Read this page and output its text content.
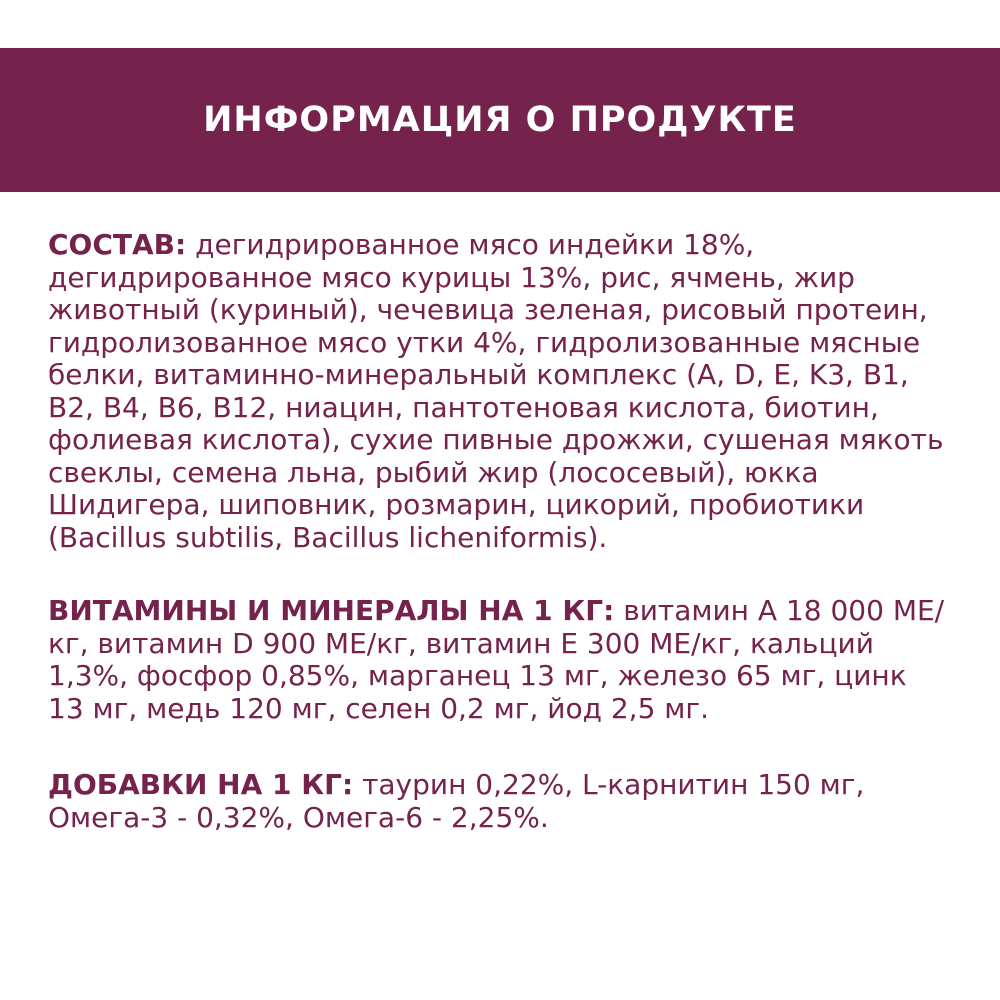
ИНФОРМАЦИЯ О ПРОДУКТЕ

СОСТАВ: дегидрированное мясо индейки 18%, дегидрированное мясо курицы 13%, рис, ячмень, жир животный (куриный), чечевица зеленая, рисовый протеин, гидролизованное мясо утки 4%, гидролизованные мясные белки, витаминно-минеральный комплекс (A, D, E, K3, B1, B2, B4, B6, B12, ниацин, пантотеновая кислота, биотин, фолиевая кислота), сухие пивные дрожжи, сушеная мякоть свеклы, семена льна, рыбий жир (лососевый), юкка Шидигера, шиповник, розмарин, цикорий, пробиотики (Bacillus subtilis, Bacillus licheniformis).

ВИТАМИНЫ И МИНЕРАЛЫ НА 1 КГ: витамин А 18 000 МЕ/кг, витамин D 900 МЕ/кг, витамин Е 300 МЕ/кг, кальций 1,3%, фосфор 0,85%, марганец 13 мг, железо 65 мг, цинк 13 мг, медь 120 мг, селен 0,2 мг, йод 2,5 мг.

ДОБАВКИ НА 1 КГ: таурин 0,22%, L-карнитин 150 мг, Омега-3 - 0,32%, Омега-6 - 2,25%.
